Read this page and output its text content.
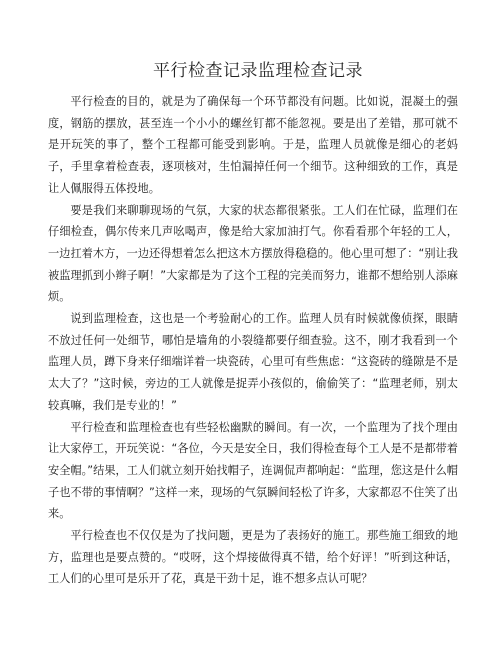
平行检查记录监理检查记录

平行检查的目的，就是为了确保每一个环节都没有问题。比如说，混凝土的强度，钢筋的摆放，甚至连一个小小的螺丝钉都不能忽视。要是出了差错，那可就不是开玩笑的事了，整个工程都可能受到影响。于是，监理人员就像是细心的老妈子，手里拿着检查表，逐项核对，生怕漏掉任何一个细节。这种细致的工作，真是让人佩服得五体投地。

要是我们来聊聊现场的气氛，大家的状态都很紧张。工人们在忙碌，监理们在仔细检查，偶尔传来几声吆喝声，像是给大家加油打气。你看看那个年轻的工人，一边扛着木方，一边还得想着怎么把这木方摆放得稳稳的。他心里可想了：“别让我被监理抓到小辫子啊！”大家都是为了这个工程的完美而努力，谁都不想给别人添麻烦。

说到监理检查，这也是一个考验耐心的工作。监理人员有时候就像侦探，眼睛不放过任何一处细节，哪怕是墙角的小裂缝都要仔细查验。这不，刚才我看到一个监理人员，蹲下身来仔细端详着一块瓷砖，心里可有些焦虑：“这瓷砖的缝隙是不是太大了？”这时候，旁边的工人就像是捉弄小孩似的，偷偷笑了：“监理老师，别太较真嘛，我们是专业的！”

平行检查和监理检查也有些轻松幽默的瞬间。有一次，一个监理为了找个理由让大家停工，开玩笑说：“各位，今天是安全日，我们得检查每个工人是不是都带着安全帽。”结果，工人们就立刻开始找帽子，连调侃声都响起：“监理，您这是什么帽子也不带的事情啊？”这样一来，现场的气氛瞬间轻松了许多，大家都忍不住笑了出来。

平行检查也不仅仅是为了找问题，更是为了表扬好的施工。那些施工细致的地方，监理也是要点赞的。“哎呀，这个焊接做得真不错，给个好评！”听到这种话，工人们的心里可是乐开了花，真是干劲十足，谁不想多点认可呢？
